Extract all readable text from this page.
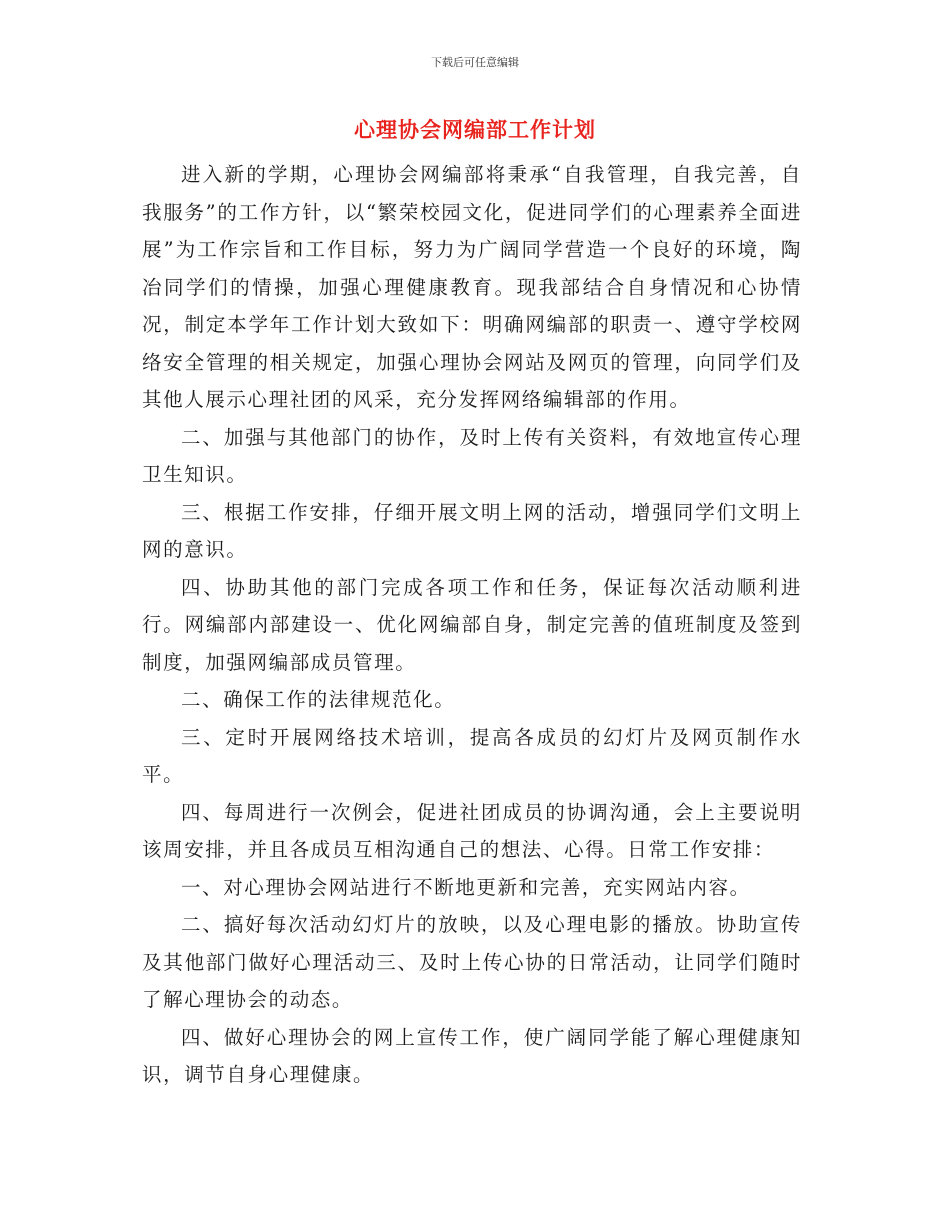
下载后可任意编辑
心理协会网编部工作计划

进入新的学期，心理协会网编部将秉承“自我管理，自我完善，自我服务”的工作方针，以“繁荣校园文化，促进同学们的心理素养全面进展”为工作宗旨和工作目标，努力为广阔同学营造一个良好的环境，陶冶同学们的情操，加强心理健康教育。现我部结合自身情况和心协情况，制定本学年工作计划大致如下：明确网编部的职责一、遵守学校网络安全管理的相关规定，加强心理协会网站及网页的管理，向同学们及其他人展示心理社团的风采，充分发挥网络编辑部的作用。

二、加强与其他部门的协作，及时上传有关资料，有效地宣传心理卫生知识。

三、根据工作安排，仔细开展文明上网的活动，增强同学们文明上网的意识。

四、协助其他的部门完成各项工作和任务，保证每次活动顺利进行。网编部内部建设一、优化网编部自身，制定完善的值班制度及签到制度，加强网编部成员管理。

二、确保工作的法律规范化。

三、定时开展网络技术培训，提高各成员的幻灯片及网页制作水平。

四、每周进行一次例会，促进社团成员的协调沟通，会上主要说明该周安排，并且各成员互相沟通自己的想法、心得。日常工作安排：

一、对心理协会网站进行不断地更新和完善，充实网站内容。

二、搞好每次活动幻灯片的放映，以及心理电影的播放。协助宣传及其他部门做好心理活动三、及时上传心协的日常活动，让同学们随时了解心理协会的动态。

四、做好心理协会的网上宣传工作，使广阔同学能了解心理健康知识，调节自身心理健康。
